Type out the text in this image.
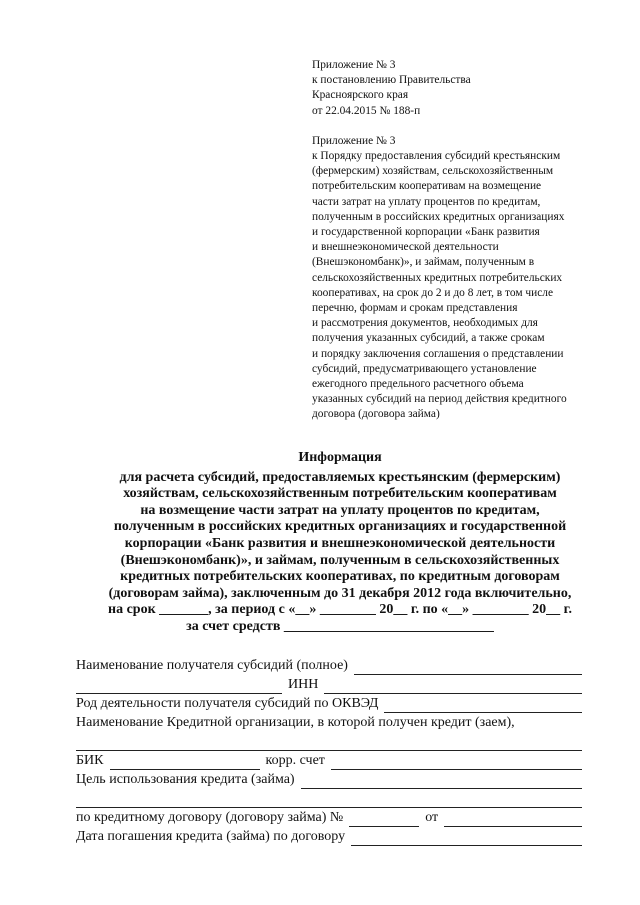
Приложение № 3
к постановлению Правительства
Красноярского края
от 22.04.2015 № 188-п
Приложение № 3
к Порядку предоставления субсидий крестьянским
(фермерским) хозяйствам, сельскохозяйственным
потребительским кооперативам на возмещение
части затрат на уплату процентов по кредитам,
полученным в российских кредитных организациях
и государственной корпорации «Банк развития
и внешнеэкономической деятельности
(Внешэкономбанк)», и займам, полученным в
сельскохозяйственных кредитных потребительских
кооперативах, на срок до 2 и до 8 лет, в том числе
перечню, формам и срокам представления
и рассмотрения документов, необходимых для
получения указанных субсидий, а также срокам
и порядку заключения соглашения о представлении
субсидий, предусматривающего установление
ежегодного предельного расчетного объема
указанных субсидий на период действия кредитного
договора (договора займа)
Информация
для расчета субсидий, предоставляемых крестьянским (фермерским)
хозяйствам, сельскохозяйственным потребительским кооперативам
на возмещение части затрат на уплату процентов по кредитам,
полученным в российских кредитных организациях и государственной
корпорации «Банк развития и внешнеэкономической деятельности
(Внешэкономбанк)», и займам, полученным в сельскохозяйственных
кредитных потребительских кооперативах, по кредитным договорам
(договорам займа), заключенным до 31 декабря 2012 года включительно,
на срок _______, за период с «__» ________ 20__ г. по «__» ________ 20__ г.
за счет средств ______________________________
Наименование получателя субсидий (полное)
ИНН
Род деятельности получателя субсидий по ОКВЭД
Наименование Кредитной организации, в которой получен кредит (заем),
БИК	корр. счет
Цель использования кредита (займа)
по кредитному договору (договору займа) №	от
Дата погашения кредита (займа) по договору
